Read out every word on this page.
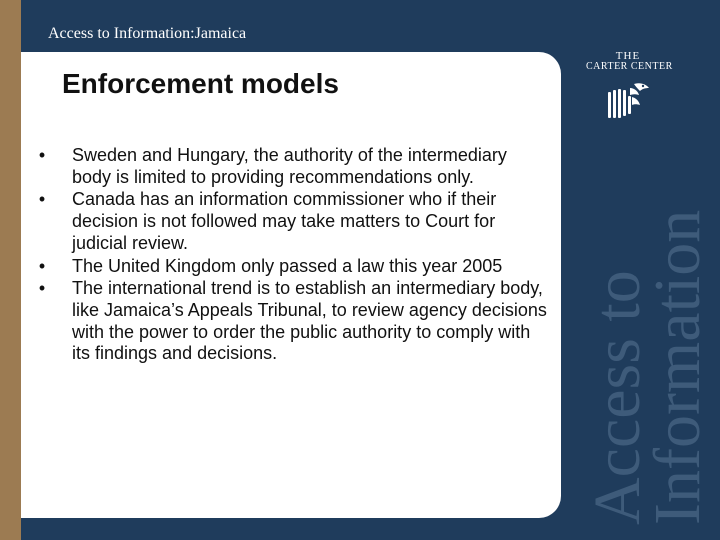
Access to Information:Jamaica
Enforcement models
•	Sweden and Hungary, the authority of the intermediary body is limited to providing recommendations only.
•	Canada has an information commissioner who if their decision is not followed may take matters to Court for judicial review.
•	The United Kingdom only passed a law this year 2005
•	The international trend is to establish an intermediary body, like Jamaica’s Appeals Tribunal, to review agency decisions with the power to order the public authority to comply with its findings and decisions.
THE
CARTER CENTER
Access to
Information
